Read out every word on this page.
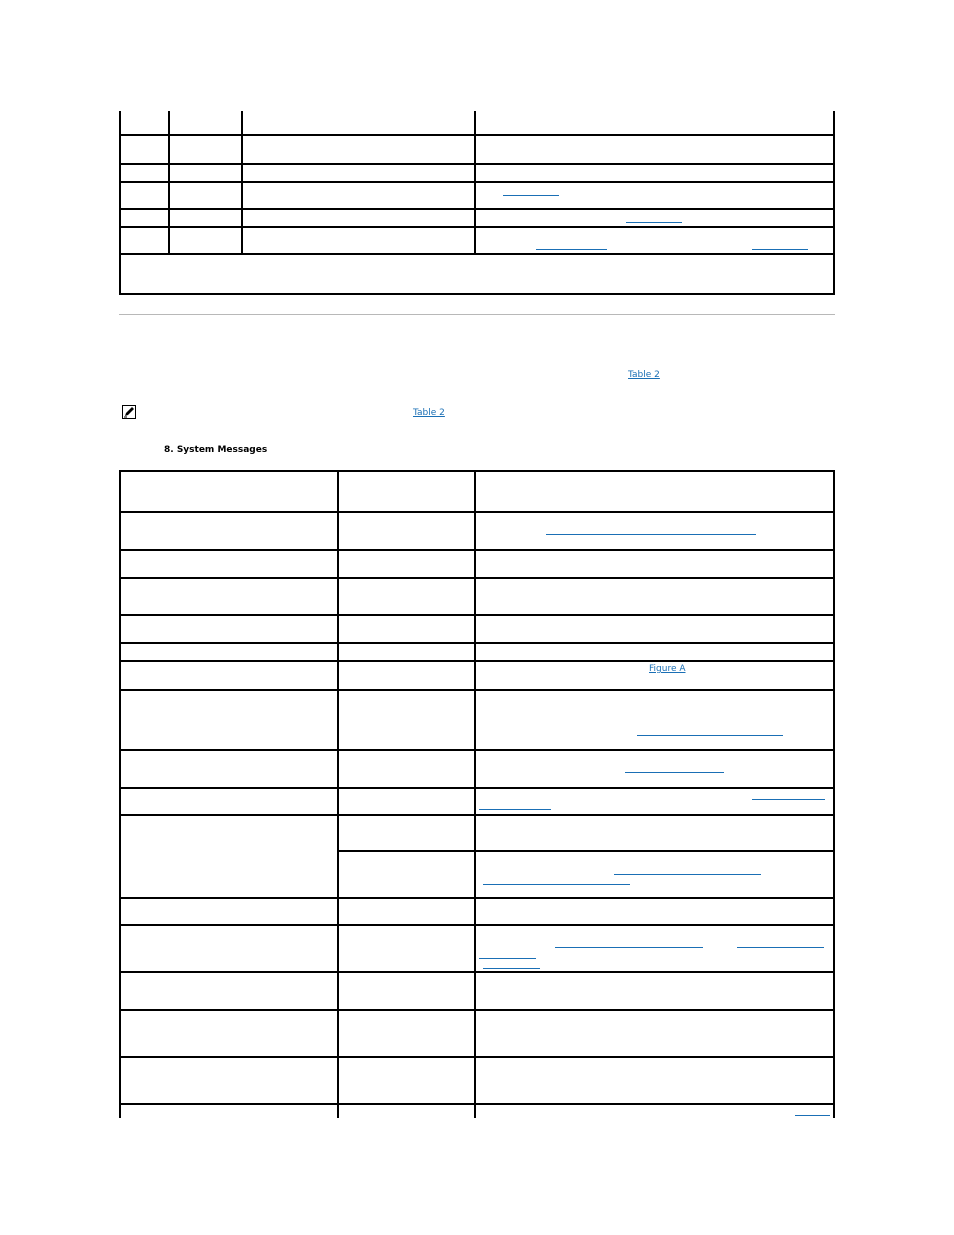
Table 2
Table 2
8. System Messages
Figure A
